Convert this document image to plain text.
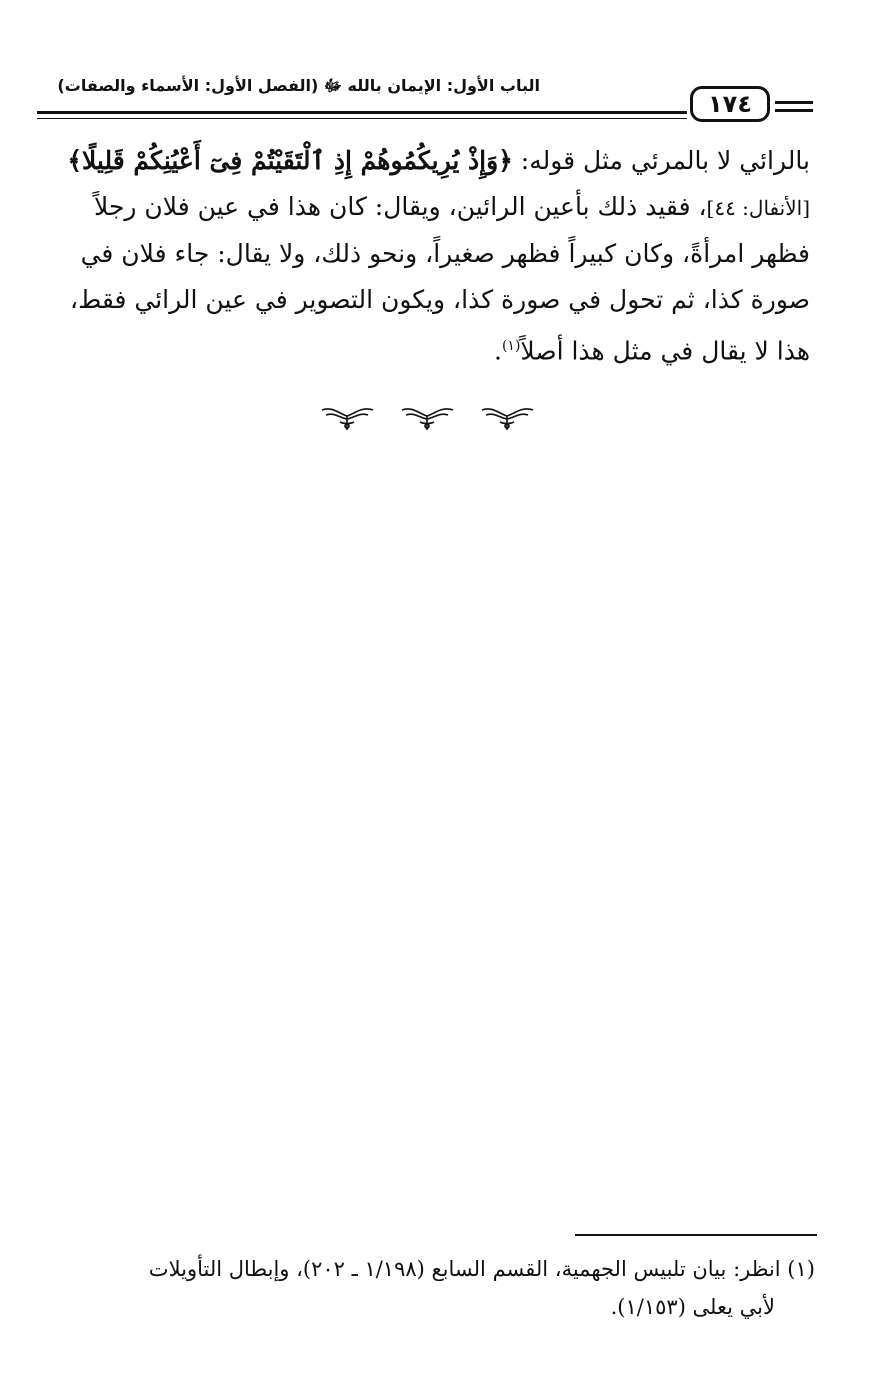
الباب الأول: الإيمان بالله ﷻ (الفصل الأول: الأسماء والصفات)
١٧٤
بالرائي لا بالمرئي مثل قوله: ﴿وَإِذْ يُرِيكُمُوهُمْ إِذِ ٱلْتَقَيْتُمْ فِىٓ أَعْيُنِكُمْ قَلِيلًا﴾
[الأنفال: ٤٤]، فقيد ذلك بأعين الرائين، ويقال: كان هذا في عين فلان رجلاً
فظهر امرأةً، وكان كبيراً فظهر صغيراً، ونحو ذلك، ولا يقال: جاء فلان في
صورة كذا، ثم تحول في صورة كذا، ويكون التصوير في عين الرائي فقط،
هذا لا يقال في مثل هذا أصلاً$^{(١)}$.
(١) انظر: بيان تلبيس الجهمية، القسم السابع (١/١٩٨ ـ ٢٠٢)، وإبطال التأويلات
لأبي يعلى (١/١٥٣).
